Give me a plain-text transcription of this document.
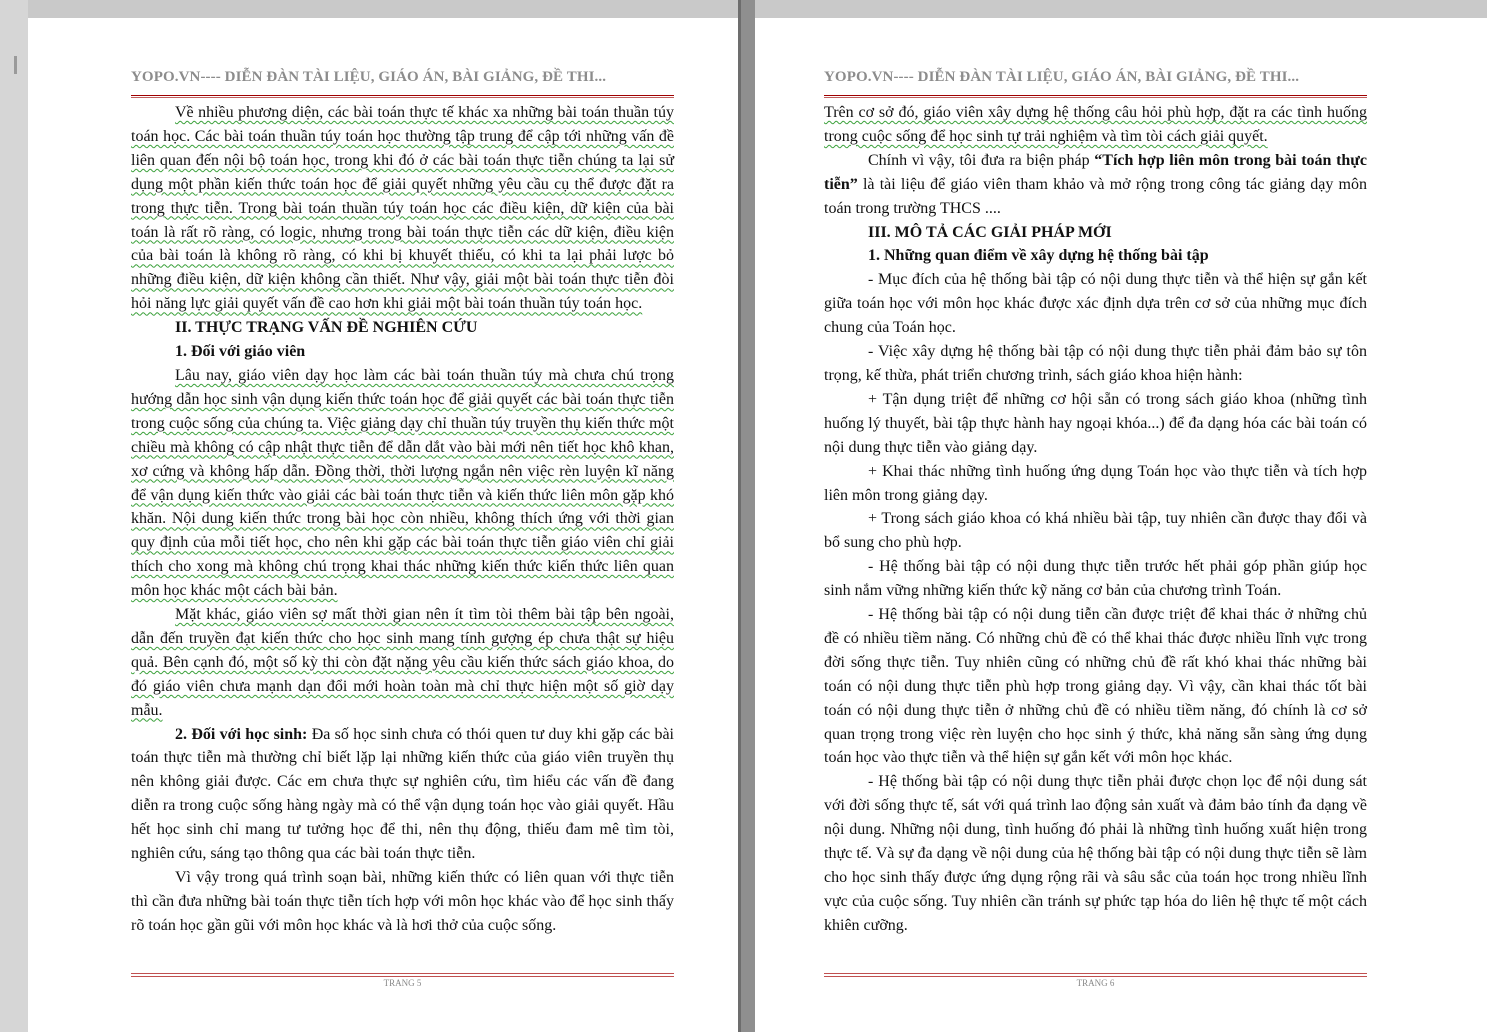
YOPO.VN---- DIỄN ĐÀN TÀI LIỆU, GIÁO ÁN, BÀI GIẢNG, ĐỀ THI...

Về nhiều phương diện, các bài toán thực tế khác xa những bài toán thuần túy toán học. Các bài toán thuần túy toán học thường tập trung để cập tới những vấn đề liên quan đến nội bộ toán học, trong khi đó ở các bài toán thực tiễn chúng ta lại sử dụng một phần kiến thức toán học để giải quyết những yêu cầu cụ thể được đặt ra trong thực tiễn. Trong bài toán thuần túy toán học các điều kiện, dữ kiện của bài toán là rất rõ ràng, có logic, nhưng trong bài toán thực tiễn các dữ kiện, điều kiện của bài toán là không rõ ràng, có khi bị khuyết thiếu, có khi ta lại phải lược bỏ những điều kiện, dữ kiện không cần thiết. Như vậy, giải một bài toán thực tiễn đòi hỏi năng lực giải quyết vấn đề cao hơn khi giải một bài toán thuần túy toán học.

II. THỰC TRẠNG VẤN ĐỀ NGHIÊN CỨU

1. Đối với giáo viên

Lâu nay, giáo viên dạy học làm các bài toán thuần túy mà chưa chú trọng hướng dẫn học sinh vận dụng kiến thức toán học để giải quyết các bài toán thực tiễn trong cuộc sống của chúng ta. Việc giảng dạy chỉ thuần túy truyền thụ kiến thức một chiều mà không có cập nhật thực tiễn để dẫn dắt vào bài mới nên tiết học khô khan, xơ cứng và không hấp dẫn. Đồng thời, thời lượng ngắn nên việc rèn luyện kĩ năng để vận dụng kiến thức vào giải các bài toán thực tiễn và kiến thức liên môn gặp khó khăn. Nội dung kiến thức trong bài học còn nhiều, không thích ứng với thời gian quy định của mỗi tiết học, cho nên khi gặp các bài toán thực tiễn giáo viên chỉ giải thích cho xong mà không chú trọng khai thác những kiến thức kiến thức liên quan môn học khác một cách bài bản.

Mặt khác, giáo viên sợ mất thời gian nên ít tìm tòi thêm bài tập bên ngoài, dẫn đến truyền đạt kiến thức cho học sinh mang tính gượng ép chưa thật sự hiệu quả. Bên cạnh đó, một số kỳ thi còn đặt nặng yêu cầu kiến thức sách giáo khoa, do đó giáo viên chưa mạnh dạn đổi mới hoàn toàn mà chỉ thực hiện một số giờ dạy mẫu.

2. Đối với học sinh: Đa số học sinh chưa có thói quen tư duy khi gặp các bài toán thực tiễn mà thường chỉ biết lặp lại những kiến thức của giáo viên truyền thụ nên không giải được. Các em chưa thực sự nghiên cứu, tìm hiểu các vấn đề đang diễn ra trong cuộc sống hàng ngày mà có thể vận dụng toán học vào giải quyết. Hầu hết học sinh chỉ mang tư tưởng học để thi, nên thụ động, thiếu đam mê tìm tòi, nghiên cứu, sáng tạo thông qua các bài toán thực tiễn.

Vì vậy trong quá trình soạn bài, những kiến thức có liên quan với thực tiễn thì cần đưa những bài toán thực tiễn tích hợp với môn học khác vào để học sinh thấy rõ toán học gần gũi với môn học khác và là hơi thở của cuộc sống.

TRANG 5
YOPO.VN---- DIỄN ĐÀN TÀI LIỆU, GIÁO ÁN, BÀI GIẢNG, ĐỀ THI...

Trên cơ sở đó, giáo viên xây dựng hệ thống câu hỏi phù hợp, đặt ra các tình huống trong cuộc sống để học sinh tự trải nghiệm và tìm tòi cách giải quyết.

Chính vì vậy, tôi đưa ra biện pháp “Tích hợp liên môn trong bài toán thực tiễn” là tài liệu để giáo viên tham khảo và mở rộng trong công tác giảng dạy môn toán trong trường THCS ....

III. MÔ TẢ CÁC GIẢI PHÁP MỚI

1. Những quan điểm về xây dựng hệ thống bài tập

- Mục đích của hệ thống bài tập có nội dung thực tiễn và thể hiện sự gắn kết giữa toán học với môn học khác được xác định dựa trên cơ sở của những mục đích chung của Toán học.

- Việc xây dựng hệ thống bài tập có nội dung thực tiễn phải đảm bảo sự tôn trọng, kế thừa, phát triển chương trình, sách giáo khoa hiện hành:

+ Tận dụng triệt để những cơ hội sẵn có trong sách giáo khoa (những tình huống lý thuyết, bài tập thực hành hay ngoại khóa...) để đa dạng hóa các bài toán có nội dung thực tiễn vào giảng dạy.

+ Khai thác những tình huống ứng dụng Toán học vào thực tiễn và tích hợp liên môn trong giảng dạy.

+ Trong sách giáo khoa có khá nhiều bài tập, tuy nhiên cần được thay đổi và bổ sung cho phù hợp.

- Hệ thống bài tập có nội dung thực tiễn trước hết phải góp phần giúp học sinh nắm vững những kiến thức kỹ năng cơ bản của chương trình Toán.

- Hệ thống bài tập có nội dung tiễn cần được triệt để khai thác ở những chủ đề có nhiều tiềm năng. Có những chủ đề có thể khai thác được nhiều lĩnh vực trong đời sống thực tiễn. Tuy nhiên cũng có những chủ đề rất khó khai thác những bài toán có nội dung thực tiễn phù hợp trong giảng dạy. Vì vậy, cần khai thác tốt bài toán có nội dung thực tiễn ở những chủ đề có nhiều tiềm năng, đó chính là cơ sở quan trọng trong việc rèn luyện cho học sinh ý thức, khả năng sẵn sàng ứng dụng toán học vào thực tiễn và thể hiện sự gắn kết với môn học khác.

- Hệ thống bài tập có nội dung thực tiễn phải được chọn lọc để nội dung sát với đời sống thực tế, sát với quá trình lao động sản xuất và đảm bảo tính đa dạng về nội dung. Những nội dung, tình huống đó phải là những tình huống xuất hiện trong thực tế. Và sự đa dạng về nội dung của hệ thống bài tập có nội dung thực tiễn sẽ làm cho học sinh thấy được ứng dụng rộng rãi và sâu sắc của toán học trong nhiều lĩnh vực của cuộc sống. Tuy nhiên cần tránh sự phức tạp hóa do liên hệ thực tế một cách khiên cưỡng.

TRANG 6
